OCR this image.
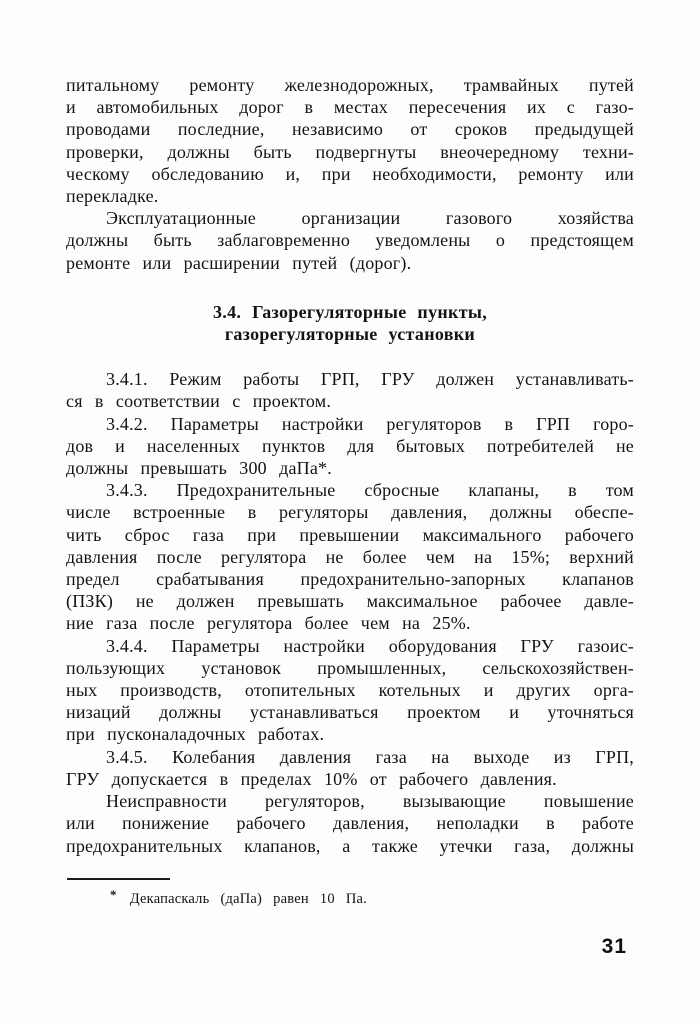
питальному ремонту железнодорожных, трамвайных путей
и автомобильных дорог в местах пересечения их с газо-
проводами последние, независимо от сроков предыдущей
проверки, должны быть подвергнуты внеочередному техни-
ческому обследованию и, при необходимости, ремонту или
перекладке.
Эксплуатационные организации газового хозяйства
должны быть заблаговременно уведомлены о предстоящем
ремонте или расширении путей (дорог).
3.4. Газорегуляторные пункты,
газорегуляторные установки
3.4.1. Режим работы ГРП, ГРУ должен устанавливать-
ся в соответствии с проектом.
3.4.2. Параметры настройки регуляторов в ГРП горо-
дов и населенных пунктов для бытовых потребителей не
должны превышать 300 даПа*.
3.4.3. Предохранительные сбросные клапаны, в том
числе встроенные в регуляторы давления, должны обеспе-
чить сброс газа при превышении максимального рабочего
давления после регулятора не более чем на 15%; верхний
предел срабатывания предохранительно-запорных клапанов
(ПЗК) не должен превышать максимальное рабочее давле-
ние газа после регулятора более чем на 25%.
3.4.4. Параметры настройки оборудования ГРУ газоис-
пользующих установок промышленных, сельскохозяйствен-
ных производств, отопительных котельных и других орга-
низаций должны устанавливаться проектом и уточняться
при пусконаладочных работах.
3.4.5. Колебания давления газа на выходе из ГРП,
ГРУ допускается в пределах 10% от рабочего давления.
Неисправности регуляторов, вызывающие повышение
или понижение рабочего давления, неполадки в работе
предохранительных клапанов, а также утечки газа, должны
* Декапаскаль (даПа) равен 10 Па.
31
